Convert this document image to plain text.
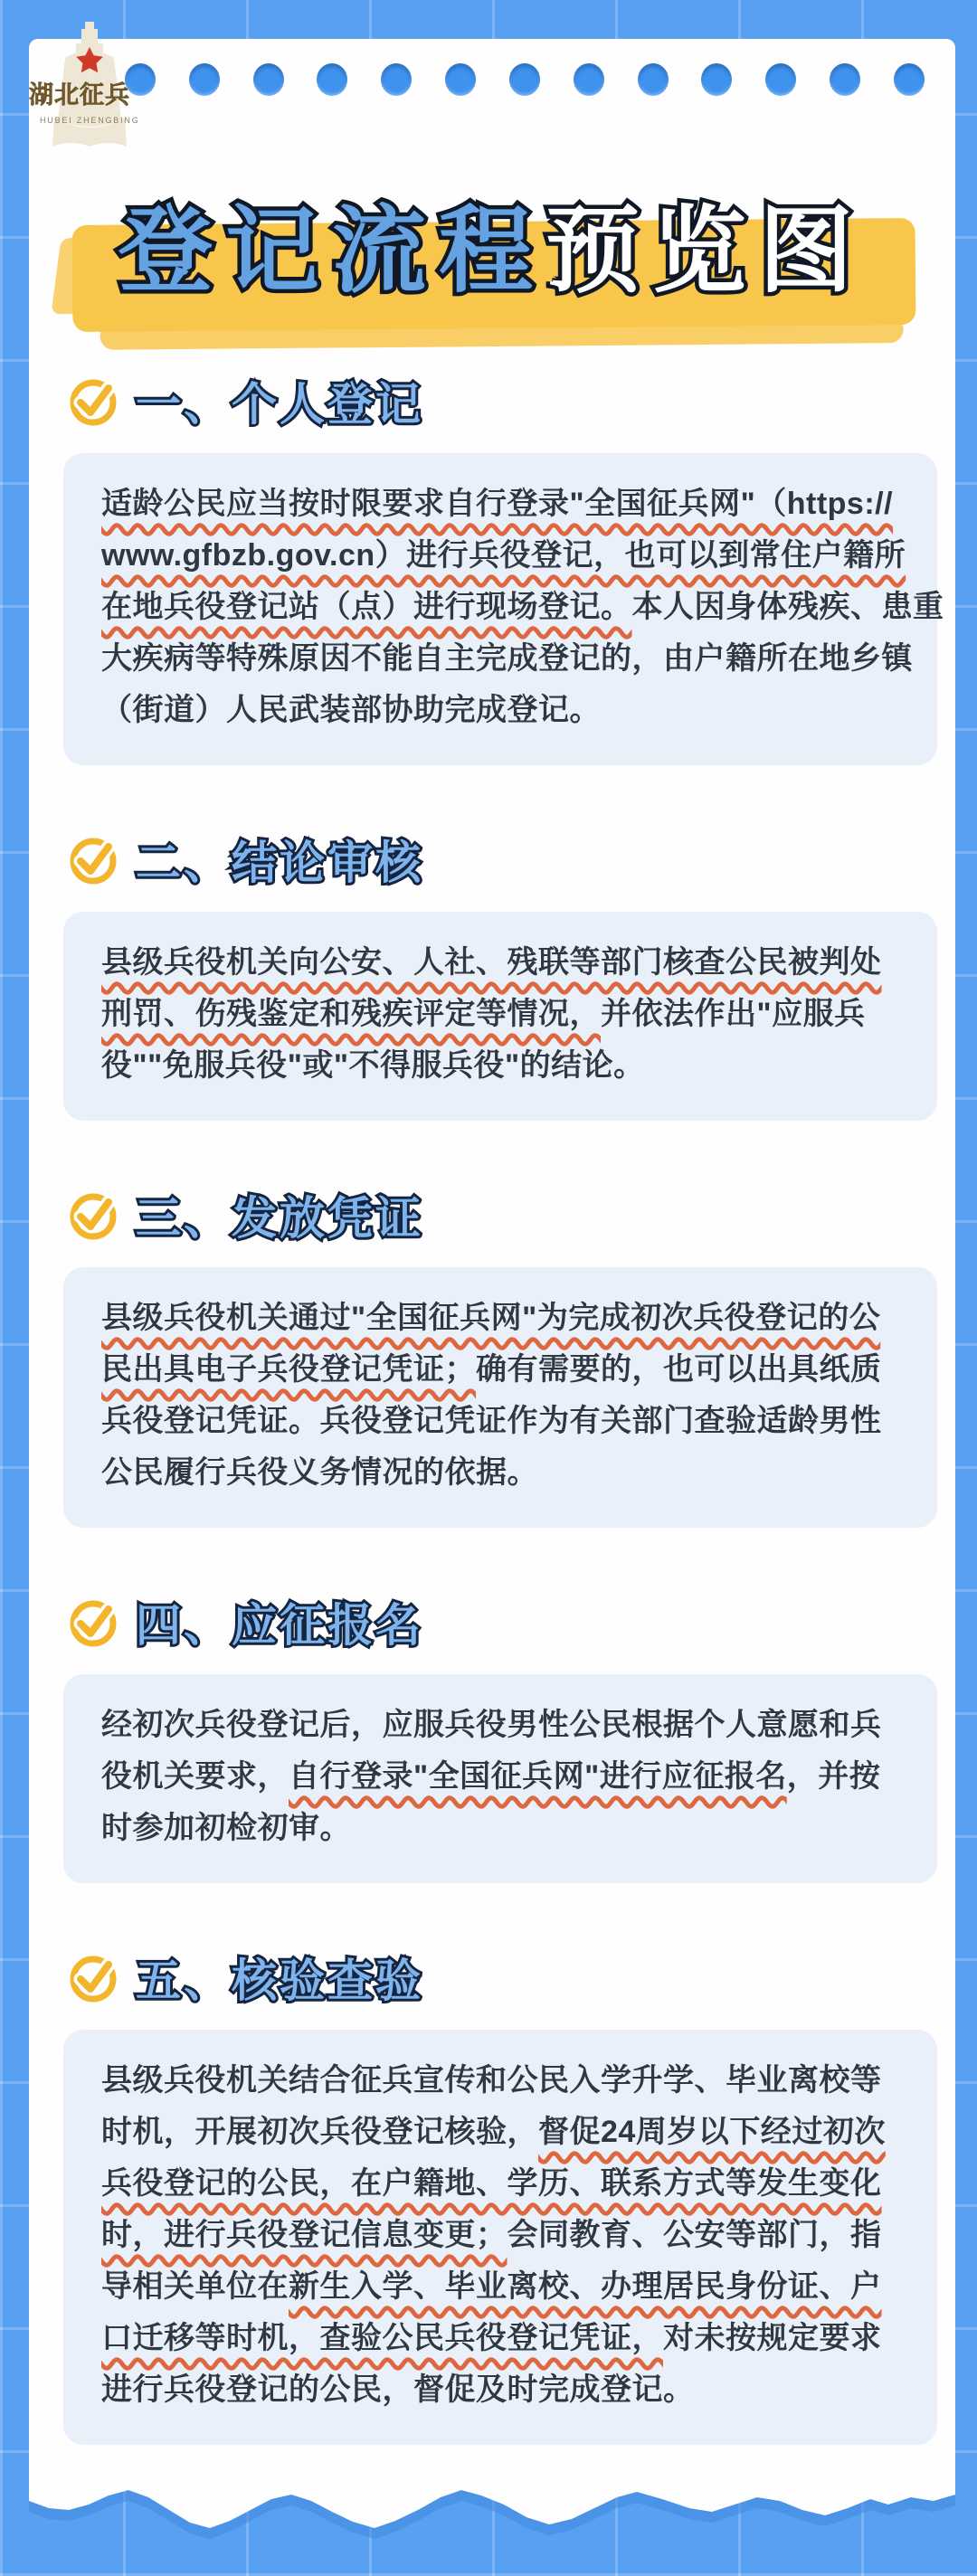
湖北征兵
HUBEI ZHENGBING
登记流程预览图
一、个人登记
适龄公民应当按时限要求自行登录"全国征兵网"（https://
www.gfbzb.gov.cn）进行兵役登记，也可以到常住户籍所
在地兵役登记站（点）进行现场登记。本人因身体残疾、患重
大疾病等特殊原因不能自主完成登记的，由户籍所在地乡镇
（街道）人民武装部协助完成登记。
二、结论审核
县级兵役机关向公安、人社、残联等部门核查公民被判处
刑罚、伤残鉴定和残疾评定等情况，并依法作出"应服兵
役""免服兵役"或"不得服兵役"的结论。
三、发放凭证
县级兵役机关通过"全国征兵网"为完成初次兵役登记的公
民出具电子兵役登记凭证；确有需要的，也可以出具纸质
兵役登记凭证。兵役登记凭证作为有关部门查验适龄男性
公民履行兵役义务情况的依据。
四、应征报名
经初次兵役登记后，应服兵役男性公民根据个人意愿和兵
役机关要求，自行登录"全国征兵网"进行应征报名，并按
时参加初检初审。
五、核验查验
县级兵役机关结合征兵宣传和公民入学升学、毕业离校等
时机，开展初次兵役登记核验，督促24周岁以下经过初次
兵役登记的公民，在户籍地、学历、联系方式等发生变化
时，进行兵役登记信息变更；会同教育、公安等部门，指
导相关单位在新生入学、毕业离校、办理居民身份证、户
口迁移等时机，查验公民兵役登记凭证，对未按规定要求
进行兵役登记的公民，督促及时完成登记。
